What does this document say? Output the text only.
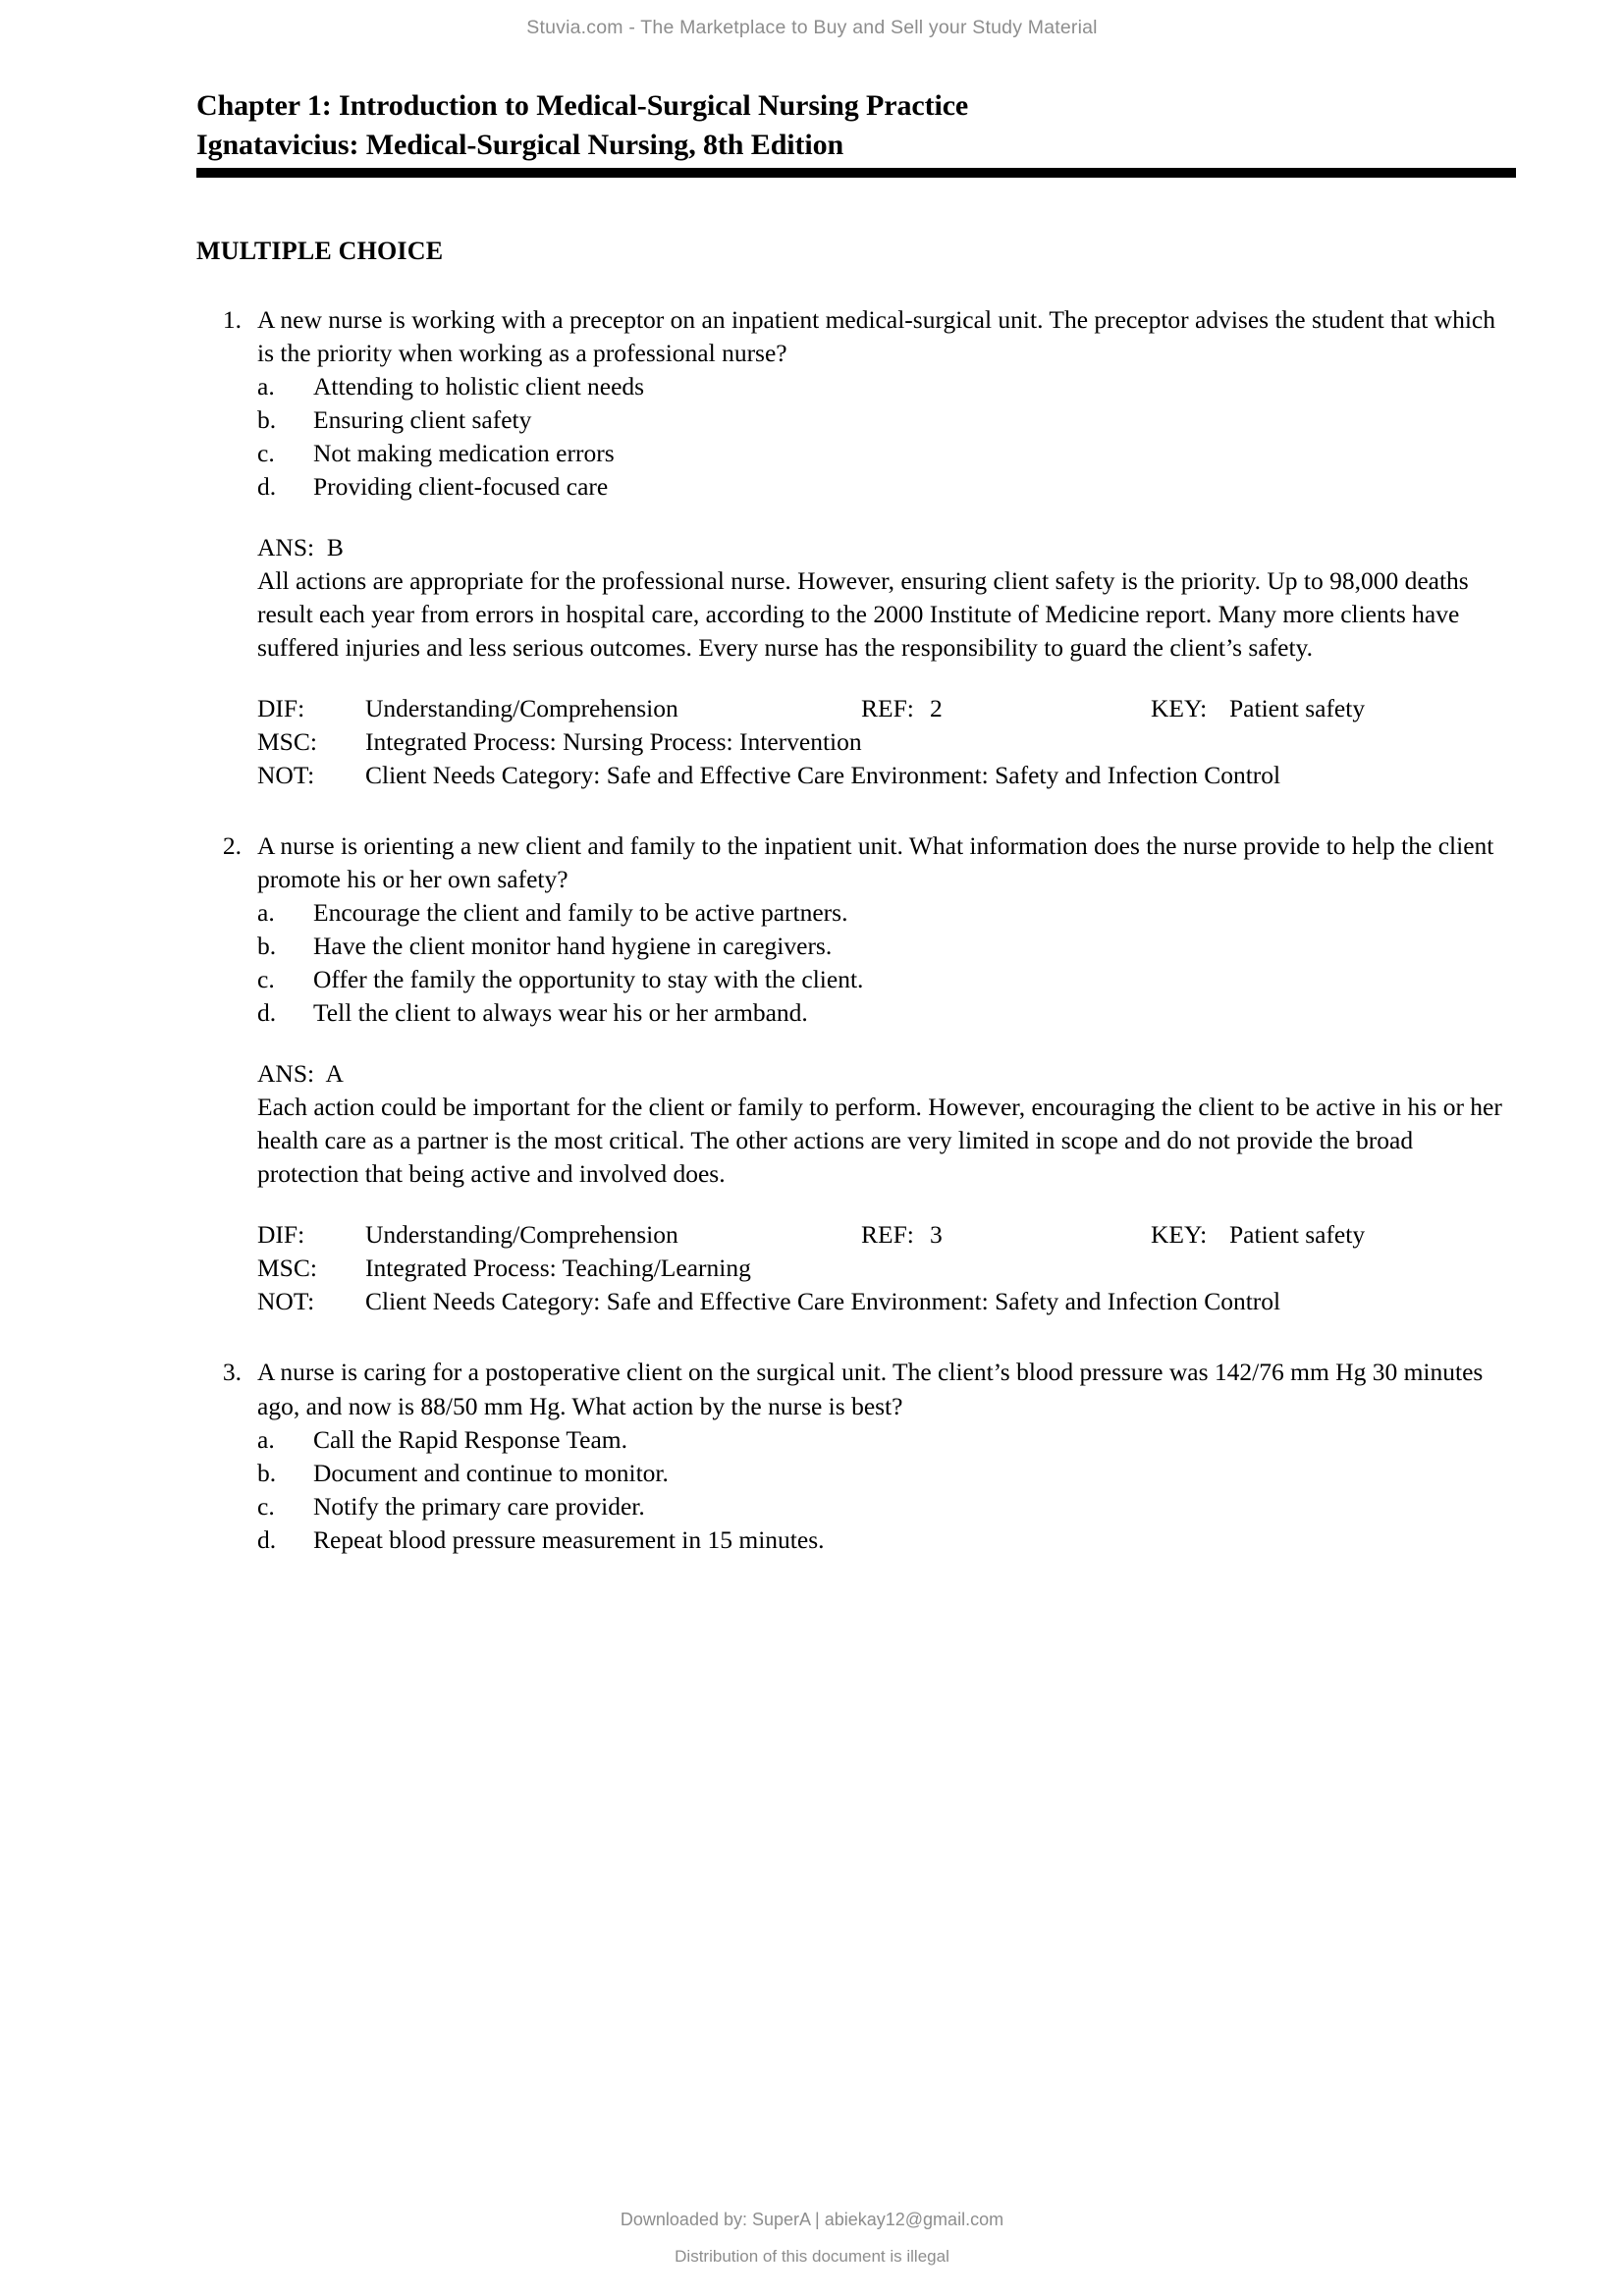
Stuvia.com - The Marketplace to Buy and Sell your Study Material
Chapter 1: Introduction to Medical-Surgical Nursing Practice
Ignatavicius: Medical-Surgical Nursing, 8th Edition
MULTIPLE CHOICE
1. A new nurse is working with a preceptor on an inpatient medical-surgical unit. The preceptor advises the student that which is the priority when working as a professional nurse?
a.	Attending to holistic client needs
b.	Ensuring client safety
c.	Not making medication errors
d.	Providing client-focused care
ANS: B
All actions are appropriate for the professional nurse. However, ensuring client safety is the priority. Up to 98,000 deaths result each year from errors in hospital care, according to the 2000 Institute of Medicine report. Many more clients have suffered injuries and less serious outcomes. Every nurse has the responsibility to guard the client’s safety.
DIF: Understanding/Comprehension	REF: 2	KEY: Patient safety
MSC: Integrated Process: Nursing Process: Intervention
NOT: Client Needs Category: Safe and Effective Care Environment: Safety and Infection Control
2. A nurse is orienting a new client and family to the inpatient unit. What information does the nurse provide to help the client promote his or her own safety?
a.	Encourage the client and family to be active partners.
b.	Have the client monitor hand hygiene in caregivers.
c.	Offer the family the opportunity to stay with the client.
d.	Tell the client to always wear his or her armband.
ANS: A
Each action could be important for the client or family to perform. However, encouraging the client to be active in his or her health care as a partner is the most critical. The other actions are very limited in scope and do not provide the broad protection that being active and involved does.
DIF: Understanding/Comprehension	REF: 3	KEY: Patient safety
MSC: Integrated Process: Teaching/Learning
NOT: Client Needs Category: Safe and Effective Care Environment: Safety and Infection Control
3. A nurse is caring for a postoperative client on the surgical unit. The client’s blood pressure was 142/76 mm Hg 30 minutes ago, and now is 88/50 mm Hg. What action by the nurse is best?
a.	Call the Rapid Response Team.
b.	Document and continue to monitor.
c.	Notify the primary care provider.
d.	Repeat blood pressure measurement in 15 minutes.
Downloaded by: SuperA | abiekay12@gmail.com
Distribution of this document is illegal
